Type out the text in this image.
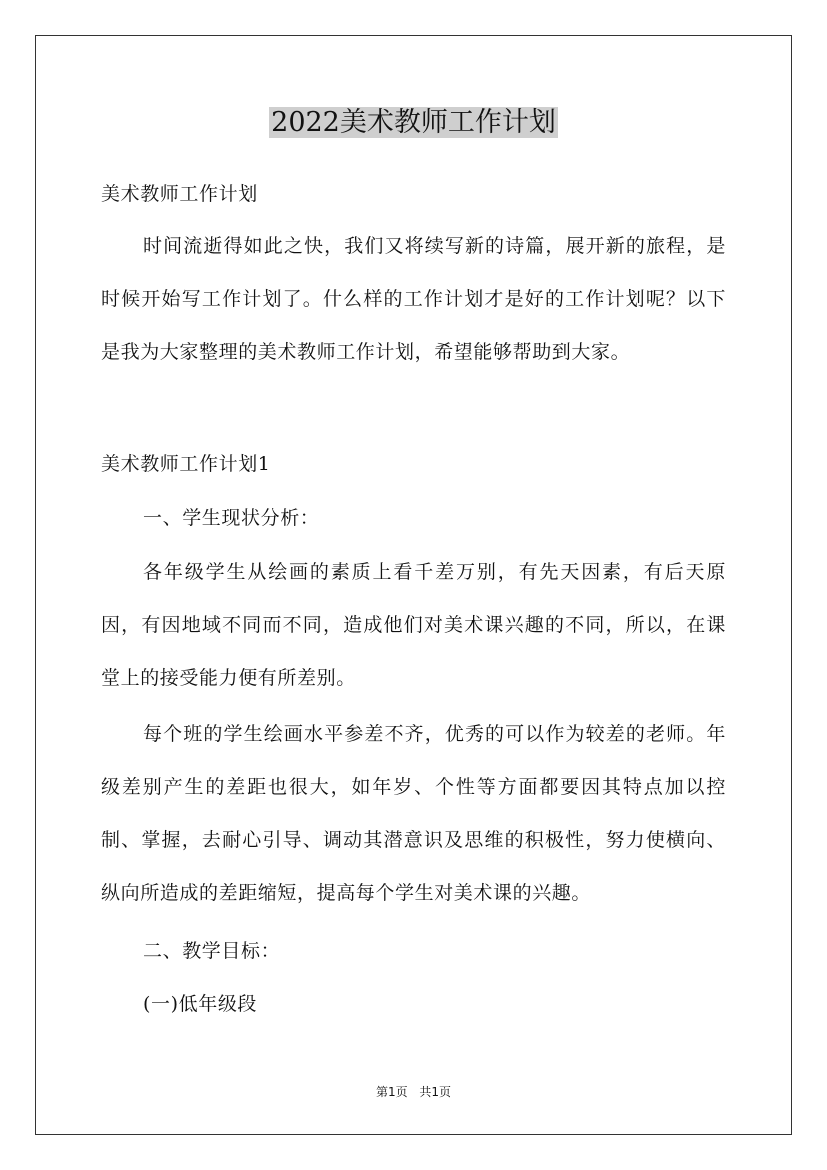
2022美术教师工作计划

美术教师工作计划

时间流逝得如此之快，我们又将续写新的诗篇，展开新的旅程，是时候开始写工作计划了。什么样的工作计划才是好的工作计划呢？以下是我为大家整理的美术教师工作计划，希望能够帮助到大家。

美术教师工作计划1

一、学生现状分析：

各年级学生从绘画的素质上看千差万别，有先天因素，有后天原因，有因地域不同而不同，造成他们对美术课兴趣的不同，所以，在课堂上的接受能力便有所差别。

每个班的学生绘画水平参差不齐，优秀的可以作为较差的老师。年级差别产生的差距也很大，如年岁、个性等方面都要因其特点加以控制、掌握，去耐心引导、调动其潜意识及思维的积极性，努力使横向、纵向所造成的差距缩短，提高每个学生对美术课的兴趣。

二、教学目标：

(一)低年级段

第1页 共1页
